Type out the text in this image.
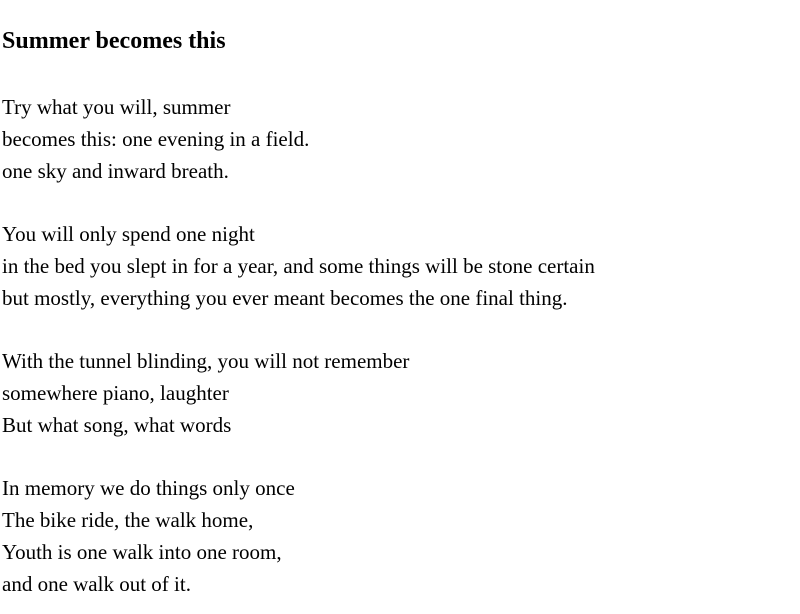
Summer becomes this
Try what you will, summer
becomes this: one evening in a field.
one sky and inward breath.
You will only spend one night
in the bed you slept in for a year, and some things will be stone certain
but mostly, everything you ever meant becomes the one final thing.
With the tunnel blinding, you will not remember
somewhere piano, laughter
But what song, what words
In memory we do things only once
The bike ride, the walk home,
Youth is one walk into one room,
and one walk out of it.
